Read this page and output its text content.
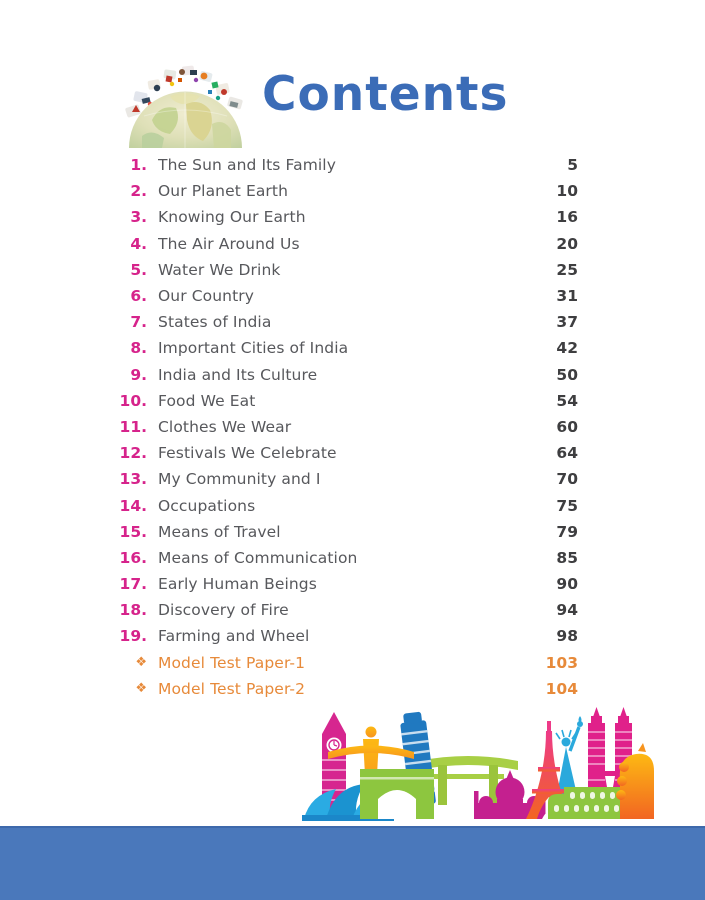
Contents
1. The Sun and Its Family	5
2. Our Planet Earth	10
3. Knowing Our Earth	16
4. The Air Around Us	20
5. Water We Drink	25
6. Our Country	31
7. States of India	37
8. Important Cities of India	42
9. India and Its Culture	50
10. Food We Eat	54
11. Clothes We Wear	60
12. Festivals We Celebrate	64
13. My Community and I	70
14. Occupations	75
15. Means of Travel	79
16. Means of Communication	85
17. Early Human Beings	90
18. Discovery of Fire	94
19. Farming and Wheel	98
❖ Model Test Paper-1	103
❖ Model Test Paper-2	104
